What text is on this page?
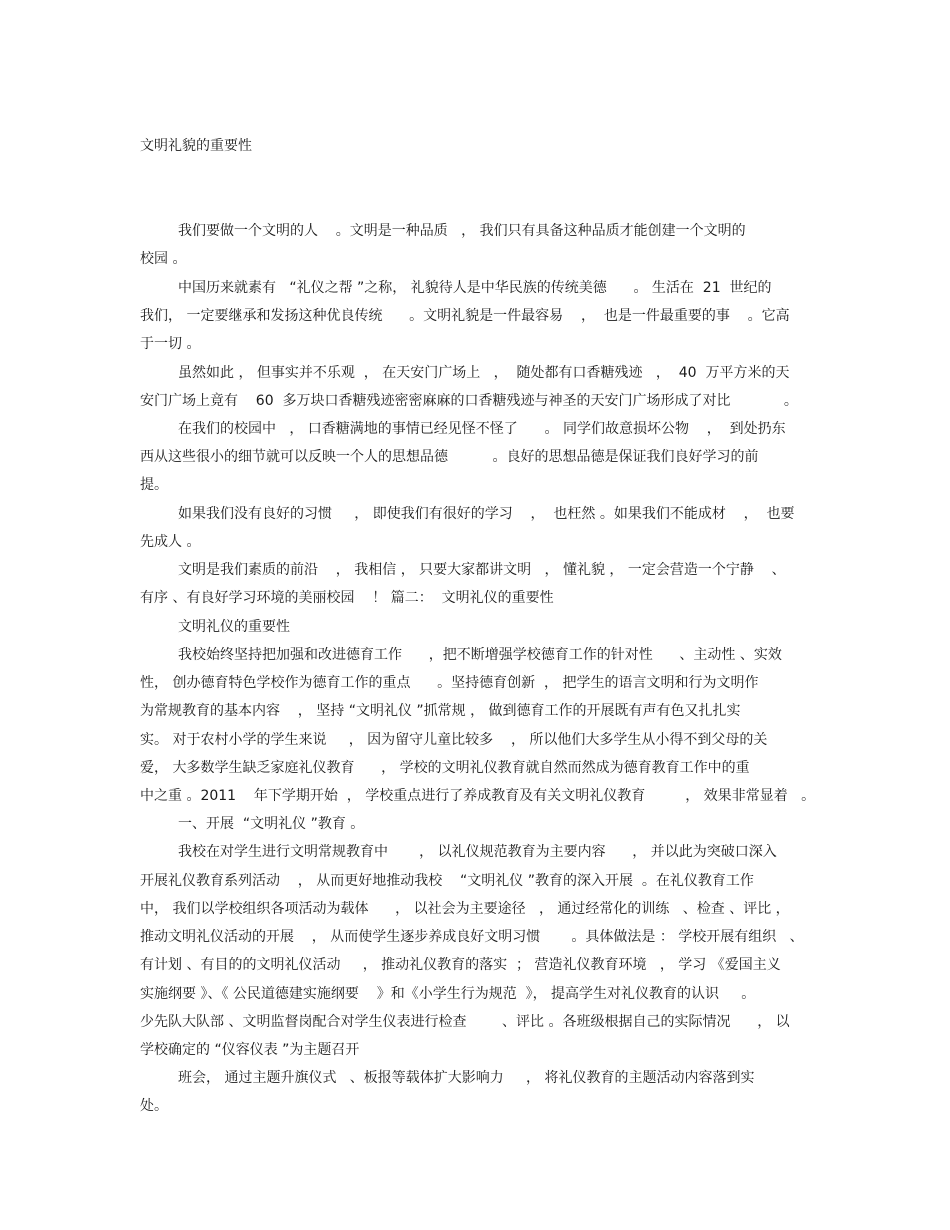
文明礼貌的重要性
我们要做一个文明的人    。文明是一种品质   ， 我们只有具备这种品质才能创建一个文明的
校园 。
中国历来就素有   “礼仪之帮 ”之称， 礼貌待人是中华民族的传统美德      。 生活在  21  世纪的
我们， 一定要继承和发扬这种优良传统      。文明礼貌是一件最容易    ，  也是一件最重要的事    。它高
于一切 。
虽然如此 ， 但事实并不乐观  ， 在天安门广场上   ，  随处都有口香糖残迹   ，  40  万平方米的天
安门广场上竟有    60  多万块口香糖残迹密密麻麻的口香糖残迹与神圣的天安门广场形成了对比            。
在我们的校园中   ， 口香糖满地的事情已经见怪不怪了      。 同学们故意损坏公物    ，  到处扔东
西从这些很小的细节就可以反映一个人的思想品德          。良好的思想品德是保证我们良好学习的前
提。
如果我们没有良好的习惯     ， 即使我们有很好的学习    ，  也枉然 。如果我们不能成材    ，  也要
先成人 。
文明是我们素质的前沿    ， 我相信 ， 只要大家都讲文明   ， 懂礼貌 ， 一定会营造一个宁静    、
有序 、有良好学习环境的美丽校园    ！ 篇二：  文明礼仪的重要性
文明礼仪的重要性
我校始终坚持把加强和改进德育工作      ，把不断增强学校德育工作的针对性      、主动性 、实效
性， 创办德育特色学校作为德育工作的重点      。坚持德育创新  ， 把学生的语言文明和行为文明作
为常规教育的基本内容    ， 坚持 “文明礼仪 ”抓常规 ， 做到德育工作的开展既有声有色又扎扎实
实。 对于农村小学的学生来说     ， 因为留守儿童比较多    ， 所以他们大多学生从小得不到父母的关
爱， 大多数学生缺乏家庭礼仪教育      ， 学校的文明礼仪教育就自然而然成为德育教育工作中的重
中之重 。2011    年下学期开始  ， 学校重点进行了养成教育及有关文明礼仪教育         ， 效果非常显着   。
一、开展  “文明礼仪 ”教育 。
我校在对学生进行文明常规教育中       ， 以礼仪规范教育为主要内容      ， 并以此为突破口深入
开展礼仪教育系列活动    ， 从而更好地推动我校    “文明礼仪 ”教育的深入开展  。在礼仪教育工作
中， 我们以学校组织各项活动为载体      ， 以社会为主要途径   ， 通过经常化的训练   、检查 、评比 ，
推动文明礼仪活动的开展    ， 从而使学生逐步养成良好文明习惯       。具体做法是 ： 学校开展有组织   、
有计划 、有目的的文明礼仪活动     ， 推动礼仪教育的落实  ； 营造礼仪教育环境   ， 学习 《爱国主义
实施纲要 》、《 公民道德建实施纲要    》和《小学生行为规范  》， 提高学生对礼仪教育的认识     。
少先队大队部 、文明监督岗配合对学生仪表进行检查        、评比 。各班级根据自己的实际情况      ， 以
学校确定的 “仪容仪表 ”为主题召开
班会， 通过主题升旗仪式   、板报等载体扩大影响力     ， 将礼仪教育的主题活动内容落到实
处。
